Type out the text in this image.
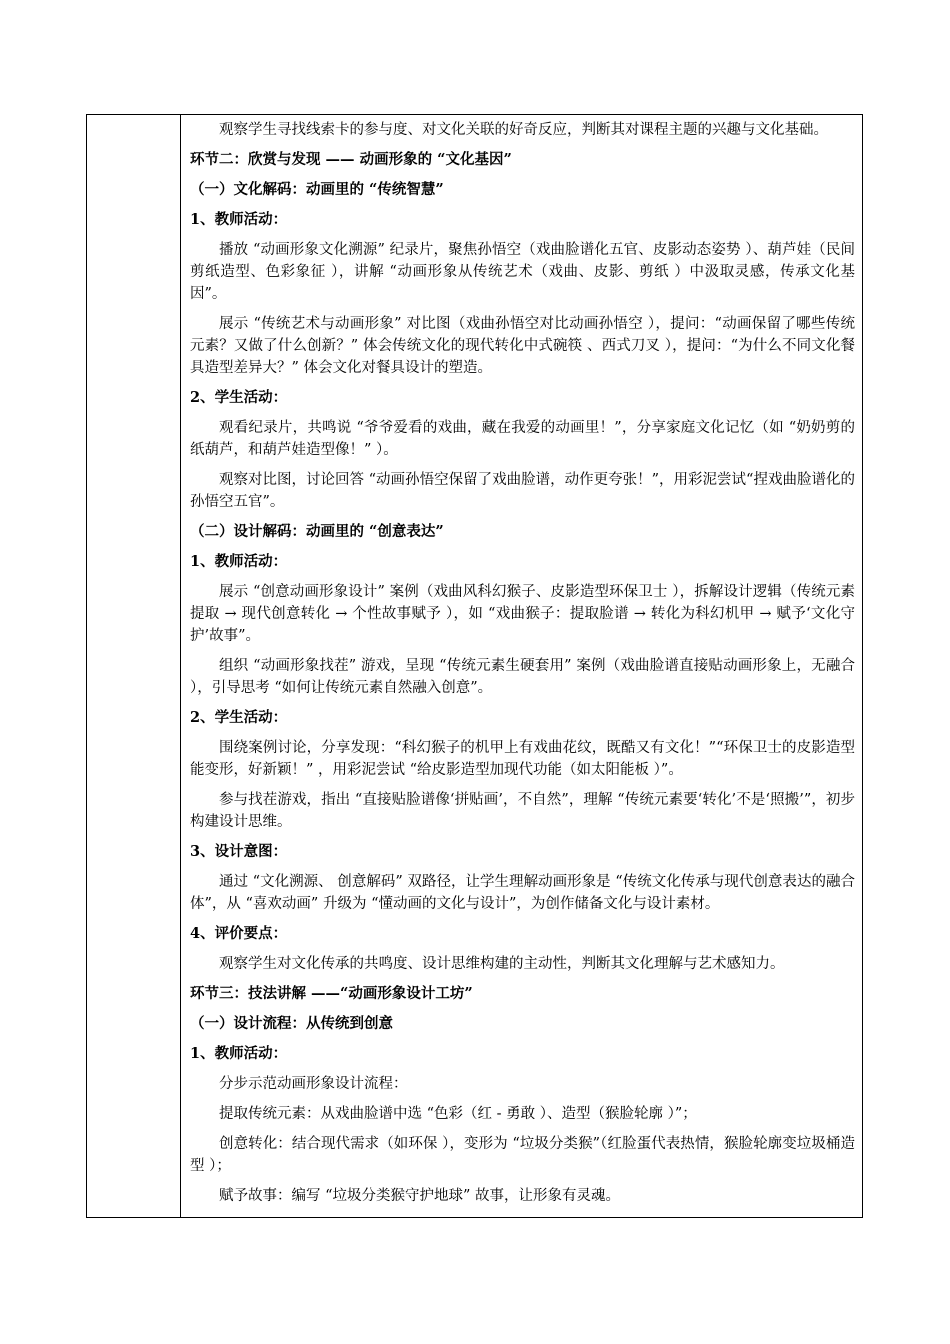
观察学生寻找线索卡的参与度、对文化关联的好奇反应，判断其对课程主题的兴趣与文化基础。
环节二：欣赏与发现 —— 动画形象的 “文化基因”
（一）文化解码：动画里的 “传统智慧”
1、教师活动：
播放 “动画形象文化溯源” 纪录片，聚焦孙悟空（戏曲脸谱化五官、皮影动态姿势 ）、葫芦娃（民间剪纸造型、色彩象征 ），讲解 “动画形象从传统艺术（戏曲、皮影、剪纸 ）中汲取灵感，传承文化基因”。
展示 “传统艺术与动画形象” 对比图（戏曲孙悟空对比动画孙悟空 ），提问：“动画保留了哪些传统元素？又做了什么创新？” 体会传统文化的现代转化中式碗筷 、西式刀叉 ），提问：“为什么不同文化餐具造型差异大？” 体会文化对餐具设计的塑造。
2、学生活动：
观看纪录片，共鸣说 “爷爷爱看的戏曲，藏在我爱的动画里！”，分享家庭文化记忆（如 “奶奶剪的纸葫芦，和葫芦娃造型像！” ）。
观察对比图，讨论回答 “动画孙悟空保留了戏曲脸谱，动作更夸张！”，用彩泥尝试“捏戏曲脸谱化的孙悟空五官”。
（二）设计解码：动画里的 “创意表达”
1、教师活动：
展示 “创意动画形象设计” 案例（戏曲风科幻猴子、皮影造型环保卫士 ），拆解设计逻辑（传统元素提取 → 现代创意转化 → 个性故事赋予 ），如 “戏曲猴子：提取脸谱 → 转化为科幻机甲 → 赋予‘文化守护’故事”。
组织 “动画形象找茬” 游戏，呈现 “传统元素生硬套用” 案例（戏曲脸谱直接贴动画形象上，无融合 ），引导思考 “如何让传统元素自然融入创意”。
2、学生活动：
围绕案例讨论，分享发现：“科幻猴子的机甲上有戏曲花纹，既酷又有文化！”“环保卫士的皮影造型能变形，好新颖！” ，用彩泥尝试 “给皮影造型加现代功能（如太阳能板 ）”。
参与找茬游戏，指出 “直接贴脸谱像‘拼贴画’，不自然”，理解 “传统元素要‘转化’不是‘照搬’”，初步构建设计思维。
3、设计意图：
通过 “文化溯源、 创意解码” 双路径，让学生理解动画形象是 “传统文化传承与现代创意表达的融合体”，从 “喜欢动画” 升级为 “懂动画的文化与设计”，为创作储备文化与设计素材。
4、评价要点：
观察学生对文化传承的共鸣度、设计思维构建的主动性，判断其文化理解与艺术感知力。
环节三：技法讲解 ——“动画形象设计工坊”
（一）设计流程：从传统到创意
1、教师活动：
分步示范动画形象设计流程：
提取传统元素：从戏曲脸谱中选 “色彩（红 - 勇敢 ）、造型（猴脸轮廓 ）”；
创意转化：结合现代需求（如环保 ），变形为 “垃圾分类猴”（红脸蛋代表热情，猴脸轮廓变垃圾桶造型 ）；
赋予故事：编写 “垃圾分类猴守护地球” 故事，让形象有灵魂。
